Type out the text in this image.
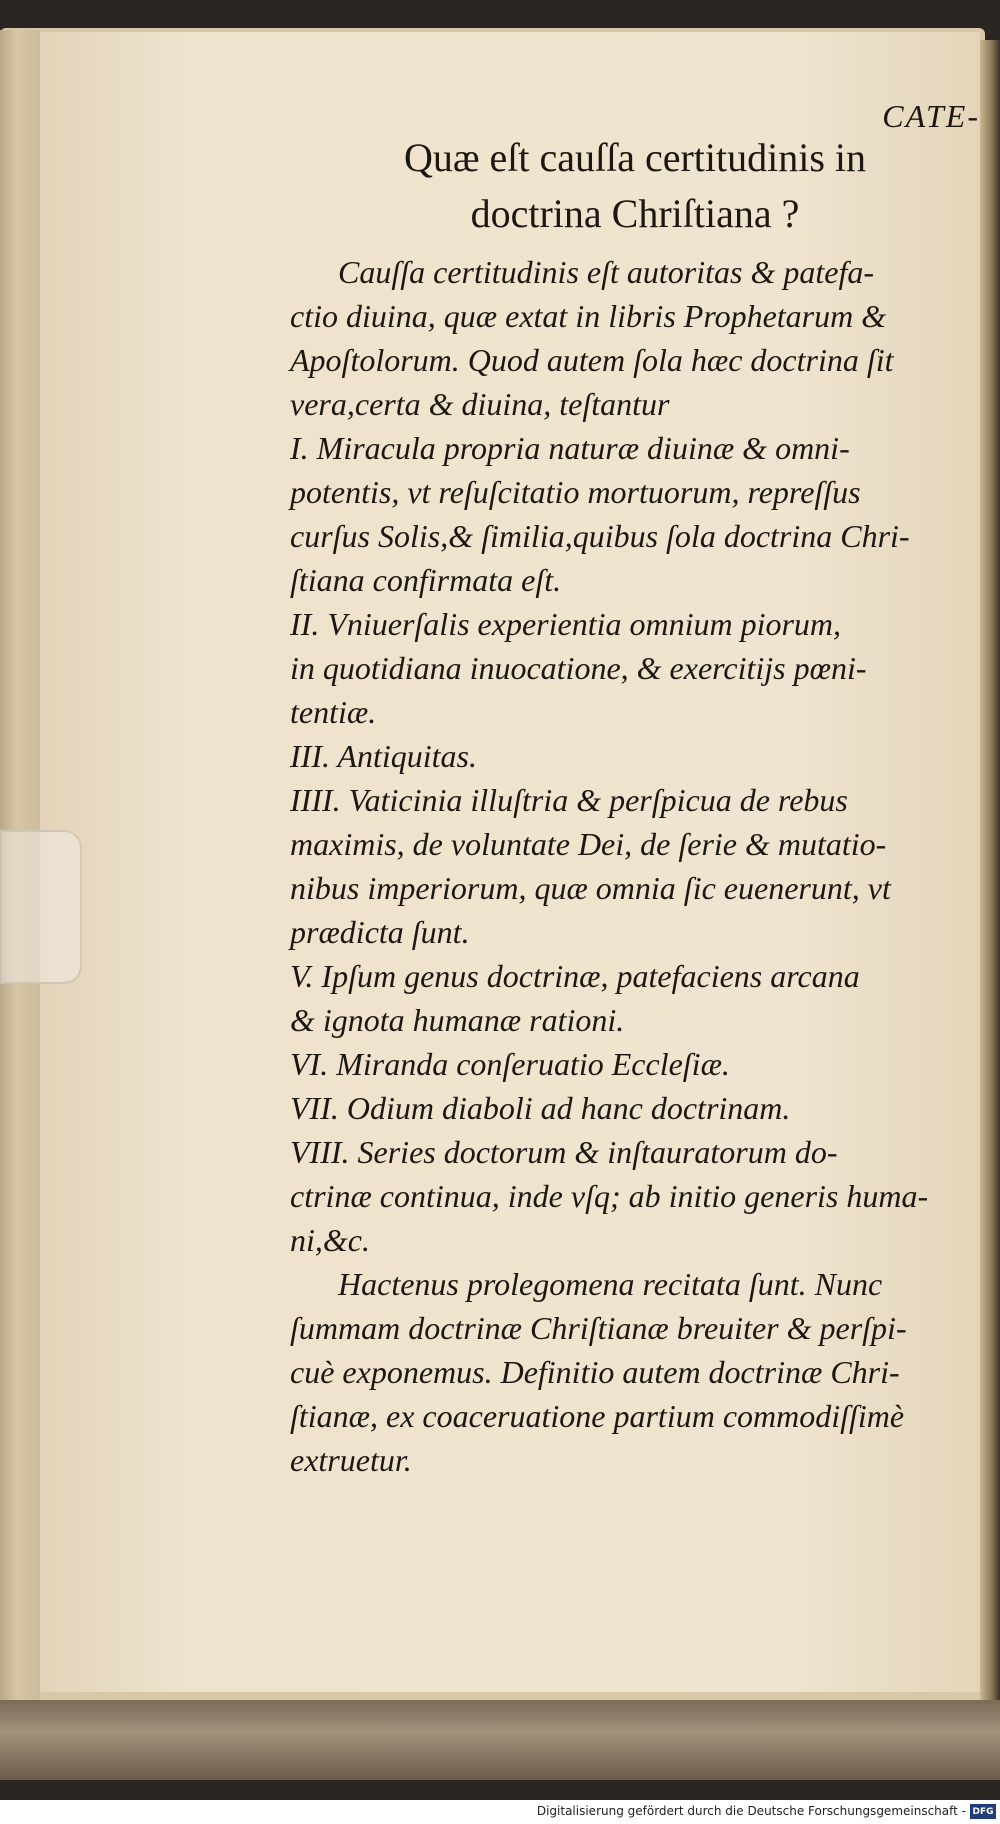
Quæ eſt cauſſa certitudinis in
doctrina Chriſtiana ?
Cauſſa certitudinis eſt autoritas & patefa-
ctio diuina, quæ extat in libris Prophetarum &
Apoſtolorum. Quod autem ſola hæc doctrina ſit
vera,certa & diuina, teſtantur
I. Miracula propria naturæ diuinæ & omni-
potentis, vt reſuſcitatio mortuorum, repreſſus
curſus Solis,& ſimilia,quibus ſola doctrina Chri-
ſtiana confirmata eſt.
II. Vniuerſalis experientia omnium piorum,
in quotidiana inuocatione, & exercitijs pœni-
tentiæ.
III. Antiquitas.
IIII. Vaticinia illuſtria & perſpicua de rebus
maximis, de voluntate Dei, de ſerie & mutatio-
nibus imperiorum, quæ omnia ſic euenerunt, vt
prædicta ſunt.
V. Ipſum genus doctrinæ, patefaciens arcana
& ignota humanæ rationi.
VI. Miranda conſeruatio Eccleſiæ.
VII. Odium diaboli ad hanc doctrinam.
VIII. Series doctorum & inſtauratorum do-
ctrinæ continua, inde vſq; ab initio generis huma-
ni,&c.
Hactenus prolegomena recitata ſunt. Nunc
ſummam doctrinæ Chriſtianæ breuiter & perſpi-
cuè exponemus. Definitio autem doctrinæ Chri-
ſtianæ, ex coaceruatione partium commodiſſimè
extruetur.
CATE-
Digitalisierung gefördert durch die Deutsche Forschungsgemeinschaft - DFG
